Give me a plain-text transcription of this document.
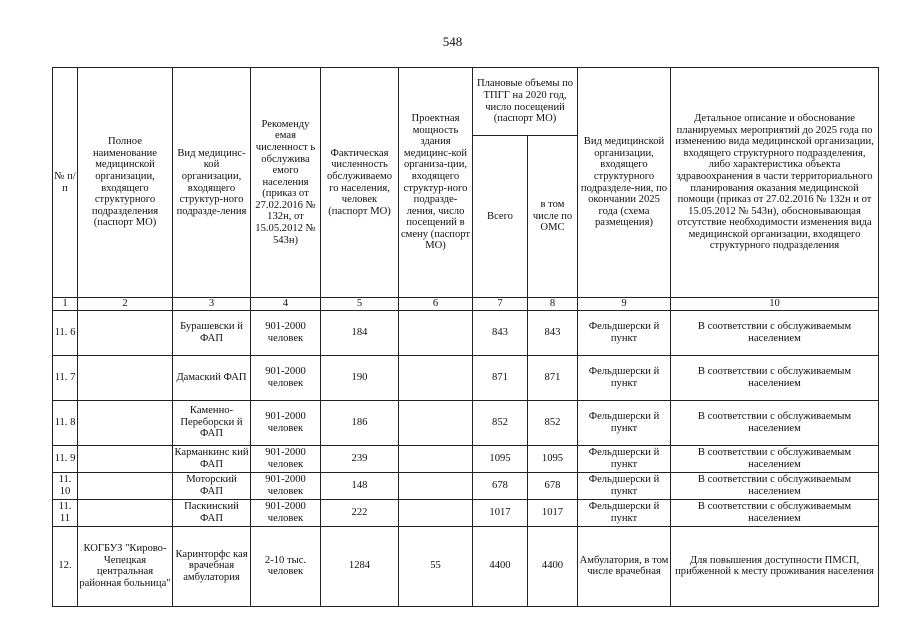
548
№ п/п	Полное наименование медицинской организации, входящего структурного подразделения (паспорт МО)	Вид медицинс-кой организации, входящего структур-ного подразде-ления	Рекоменду емая численност ь обслужива емого населения (приказ от 27.02.2016 № 132н, от 15.05.2012 № 543н)	Фактическая численность обслуживаемо го населения, человек (паспорт МО)	Проектная мощность здания медицинс-кой организа-ции, входящего структур-ного подразде-ления, число посещений в смену (паспорт МО)	Плановые объемы по ТПГГ на 2020 год, число посещений (паспорт МО)		Вид медицинской организации, входящего структурного подразделе-ния, по окончании 2025 года (схема размещения)	Детальное описание и обоснование планируемых мероприятий до 2025 года по изменению вида медицинской организации, входящего структурного подразделения, либо характеристика объекта здравоохранения в части территориального планирования оказания медицинской помощи (приказ от 27.02.2016 № 132н и от 15.05.2012 № 543н), обосновывающая отсутствие необходимости изменения вида медицинской организации, входящего структурного подразделения
						Всего	в том числе по ОМС		
1	2	3	4	5	6	7	8	9	10
11. 6		Бурашевски й ФАП	901-2000 человек	184		843	843	Фельдшерски й пункт	В соответствии с обслуживаемым населением
11. 7		Дамаский ФАП	901-2000 человек	190		871	871	Фельдшерски й пункт	В соответствии с обслуживаемым населением
11. 8		Каменно-Переборски й ФАП	901-2000 человек	186		852	852	Фельдшерски й пункт	В соответствии с обслуживаемым населением
11. 9		Карманкинс кий ФАП	901-2000 человек	239		1095	1095	Фельдшерски й пункт	В соответствии с обслуживаемым населением
11. 10		Моторский ФАП	901-2000 человек	148		678	678	Фельдшерски й пункт	В соответствии с обслуживаемым населением
11. 11		Паскинский ФАП	901-2000 человек	222		1017	1017	Фельдшерски й пункт	В соответствии с обслуживаемым населением
12.	КОГБУЗ "Кирово-Чепецкая центральная районная больница"	Каринторфс кая врачебная амбулатория	2-10 тыс. человек	1284	55	4400	4400	Амбулатория, в том числе врачебная	Для повышения доступности ПМСП, прибженной к месту проживания населения
